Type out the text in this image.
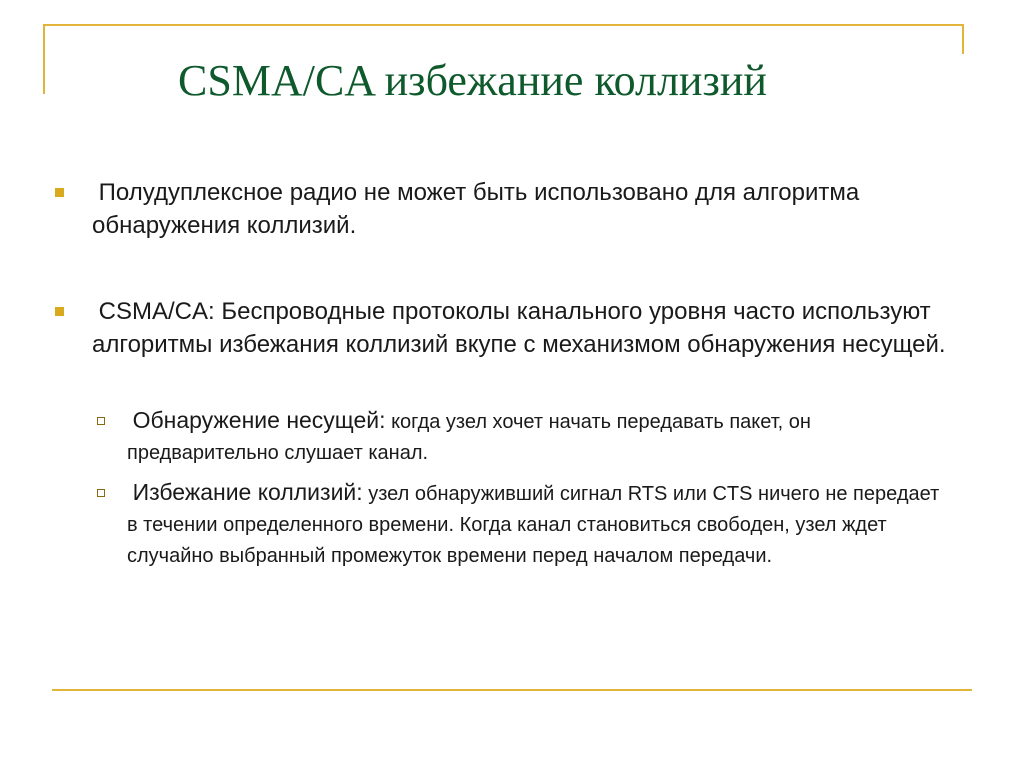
CSMA/CA избежание коллизий
Полудуплексное радио не может быть использовано для алгоритма обнаружения коллизий.
CSMA/CA: Беспроводные протоколы канального уровня часто используют алгоритмы избежания коллизий вкупе с механизмом обнаружения несущей.
Обнаружение несущей: когда узел хочет начать передавать пакет, он предварительно слушает канал.
Избежание коллизий: узел обнаруживший сигнал RTS или CTS ничего не передает в течении определенного времени. Когда канал становиться свободен, узел ждет случайно выбранный промежуток времени перед началом передачи.
